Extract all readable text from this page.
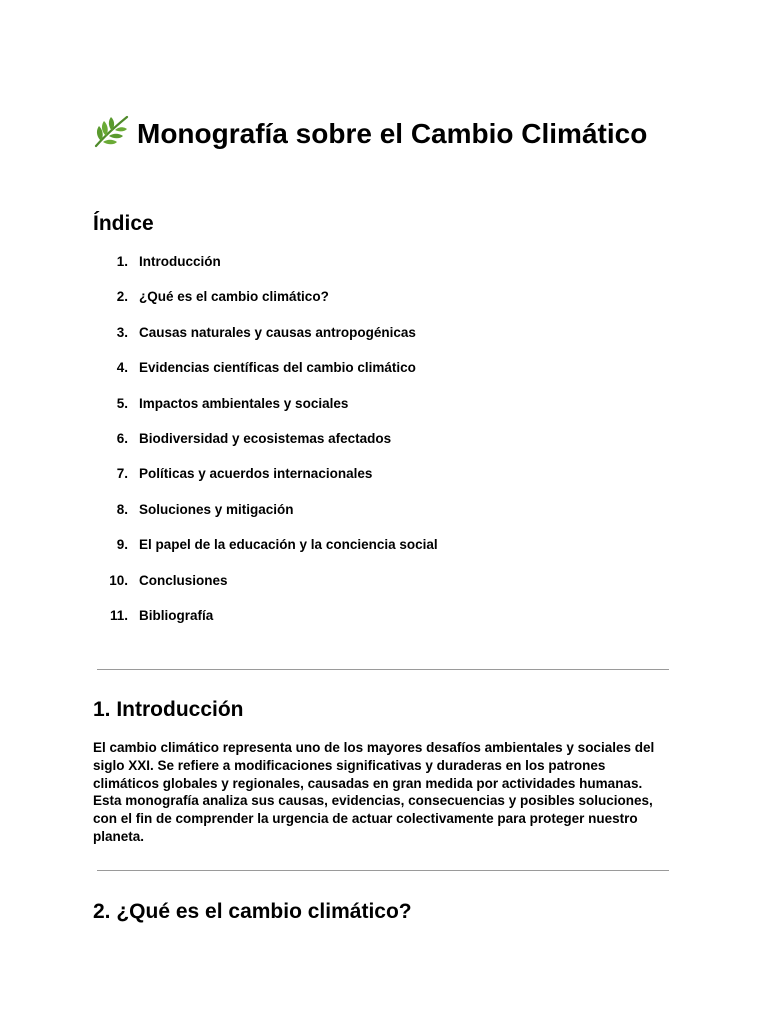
Monografía sobre el Cambio Climático
Índice
1. Introducción
2. ¿Qué es el cambio climático?
3. Causas naturales y causas antropogénicas
4. Evidencias científicas del cambio climático
5. Impactos ambientales y sociales
6. Biodiversidad y ecosistemas afectados
7. Políticas y acuerdos internacionales
8. Soluciones y mitigación
9. El papel de la educación y la conciencia social
10. Conclusiones
11. Bibliografía
1. Introducción

El cambio climático representa uno de los mayores desafíos ambientales y sociales del siglo XXI. Se refiere a modificaciones significativas y duraderas en los patrones climáticos globales y regionales, causadas en gran medida por actividades humanas. Esta monografía analiza sus causas, evidencias, consecuencias y posibles soluciones, con el fin de comprender la urgencia de actuar colectivamente para proteger nuestro planeta.

2. ¿Qué es el cambio climático?
